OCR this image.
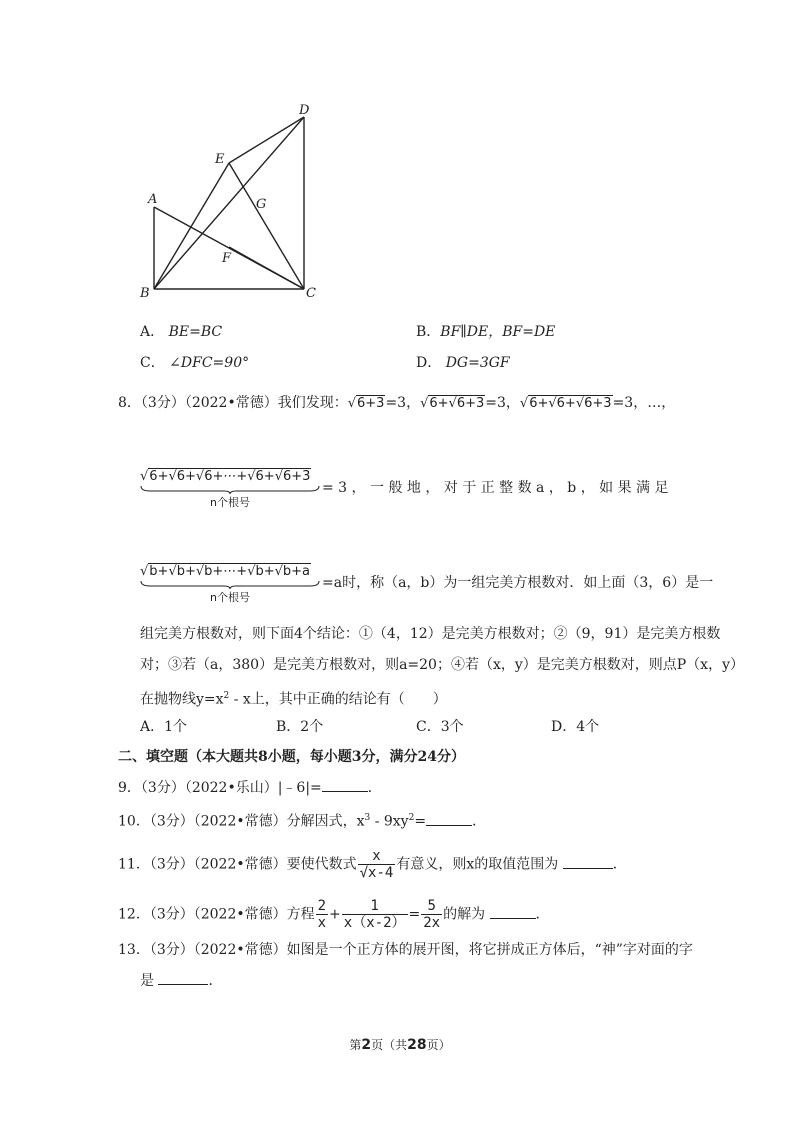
A
B	C
D
E
F
G
A． BE=BC	B．BF∥DE，BF=DE
C． ∠DFC=90°	D． DG=3GF
8．（3分）（2022•常德）我们发现：√6+3=3，√6+√6+3=3，√6+√6+√6+3=3，…，
√6+√6+√6+⋯+√6+√6+3
n个根号
= 3 ， 一 般 地 ， 对 于 正 整 数 a ， b ， 如 果 满 足
√b+√b+√b+⋯+√b+√b+a
n个根号
=a时，称（a，b）为一组完美方根数对．如上面（3，6）是一
组完美方根数对，则下面4个结论：①（4，12）是完美方根数对；②（9，91）是完美方根数
对；③若（a，380）是完美方根数对，则a=20；④若（x，y）是完美方根数对，则点P（x，y）
在抛物线$y=x^2 - x$上，其中正确的结论有（　　）
A．1个	B．2个	C．3个	D．4个
二、填空题（本大题共8小题，每小题3分，满分24分）
9．（3分）（2022•乐山）|﹣6|=	．
10．（3分）（2022•常德）分解因式，$x^3 - 9xy^2=$	．
11．（3分）（2022•常德）要使代数式 $\frac{x}{√x-4}$ 有意义，则x的取值范围为	．
12．（3分）（2022•常德）方程 $\frac{2}{x} + \frac{1}{x(x-2)} = \frac{5}{2x}$ 的解为	．
13．（3分）（2022•常德）如图是一个正方体的展开图，将它拼成正方体后，“神”字对面的字
是	．
第2页（共28页）
